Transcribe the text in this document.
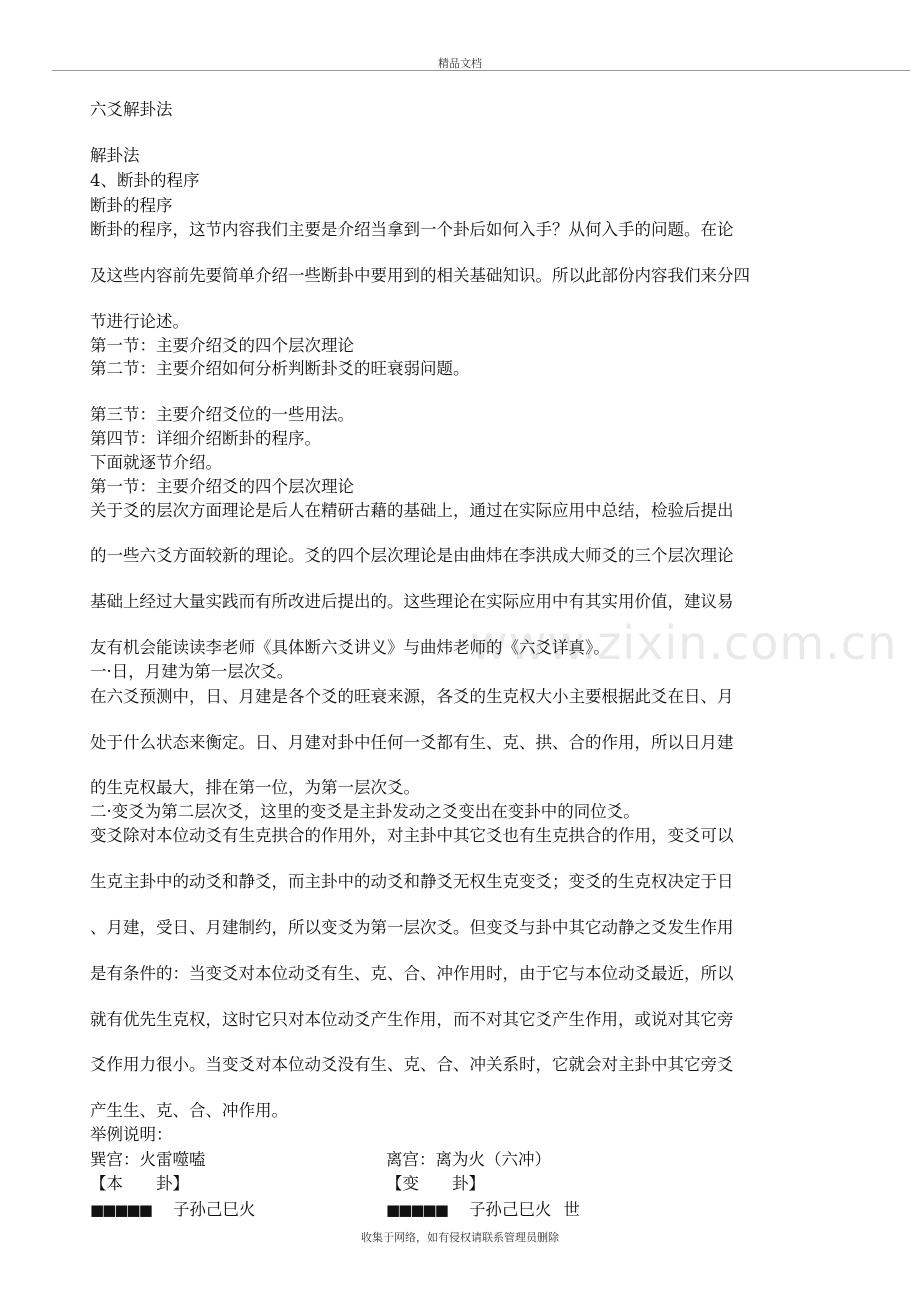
精品文档
www.zixin.com.cn

六爻解卦法

解卦法

4、断卦的程序

断卦的程序

断卦的程序，这节内容我们主要是介绍当拿到一个卦后如何入手？从何入手的问题。在论

及这些内容前先要简单介绍一些断卦中要用到的相关基础知识。所以此部份内容我们来分四

节进行论述。

第一节：主要介绍爻的四个层次理论

第二节：主要介绍如何分析判断卦爻的旺衰弱问题。

第三节：主要介绍爻位的一些用法。

第四节：详细介绍断卦的程序。

下面就逐节介绍。

第一节：主要介绍爻的四个层次理论

关于爻的层次方面理论是后人在精研古藉的基础上，通过在实际应用中总结，检验后提出

的一些六爻方面较新的理论。爻的四个层次理论是由曲炜在李洪成大师爻的三个层次理论

基础上经过大量实践而有所改进后提出的。这些理论在实际应用中有其实用价值，建议易

友有机会能读读李老师《具体断六爻讲义》与曲炜老师的《六爻详真》。

一·日，月建为第一层次爻。

在六爻预测中，日、月建是各个爻的旺衰来源，各爻的生克权大小主要根据此爻在日、月

处于什么状态来衡定。日、月建对卦中任何一爻都有生、克、拱、合的作用，所以日月建

的生克权最大，排在第一位，为第一层次爻。

二·变爻为第二层次爻，这里的变爻是主卦发动之爻变出在变卦中的同位爻。

变爻除对本位动爻有生克拱合的作用外，对主卦中其它爻也有生克拱合的作用，变爻可以

生克主卦中的动爻和静爻，而主卦中的动爻和静爻无权生克变爻；变爻的生克权决定于日

、月建，受日、月建制约，所以变爻为第一层次爻。但变爻与卦中其它动静之爻发生作用

是有条件的：当变爻对本位动爻有生、克、合、冲作用时，由于它与本位动爻最近，所以

就有优先生克权，这时它只对本位动爻产生作用，而不对其它爻产生作用，或说对其它旁

爻作用力很小。当变爻对本位动爻没有生、克、合、冲关系时，它就会对主卦中其它旁爻

产生生、克、合、冲作用。

举例说明：

巽宫：火雷噬嗑	离宫：离为火（六冲）

【本　　卦】	【变　　卦】

■■■■■ 子孙己巳火	■■■■■ 子孙己巳火 世

收集于网络，如有侵权请联系管理员删除
